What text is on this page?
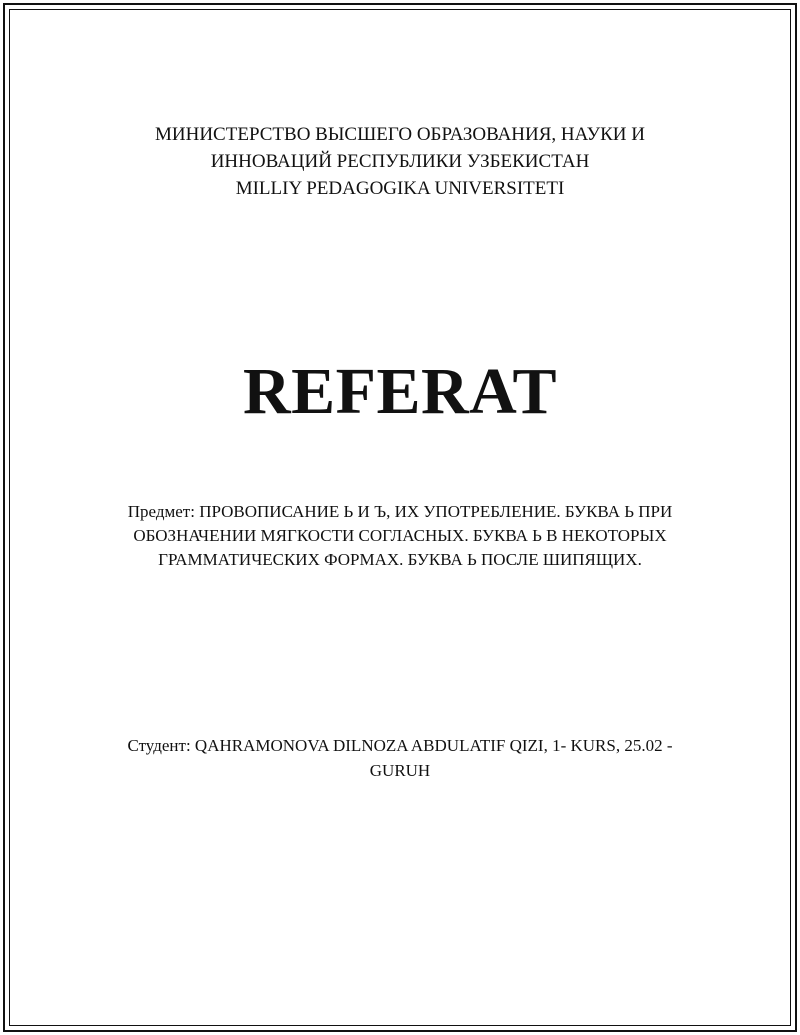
МИНИСТЕРСТВО ВЫСШЕГО ОБРАЗОВАНИЯ, НАУКИ И
ИННОВАЦИЙ РЕСПУБЛИКИ УЗБЕКИСТАН
MILLIY PEDAGOGIKA UNIVERSITETI
REFERAT

Предмет: ПРОВОПИСАНИЕ Ь И Ъ, ИХ УПОТРЕБЛЕНИЕ. БУКВА Ь ПРИ ОБОЗНАЧЕНИИ МЯГКОСТИ СОГЛАСНЫХ. БУКВА Ь В НЕКОТОРЫХ ГРАММАТИЧЕСКИХ ФОРМАХ. БУКВА Ь ПОСЛЕ ШИПЯЩИХ.

Студент: QAHRAMONOVA DILNOZA ABDULATIF QIZI, 1- KURS, 25.02 - GURUH
